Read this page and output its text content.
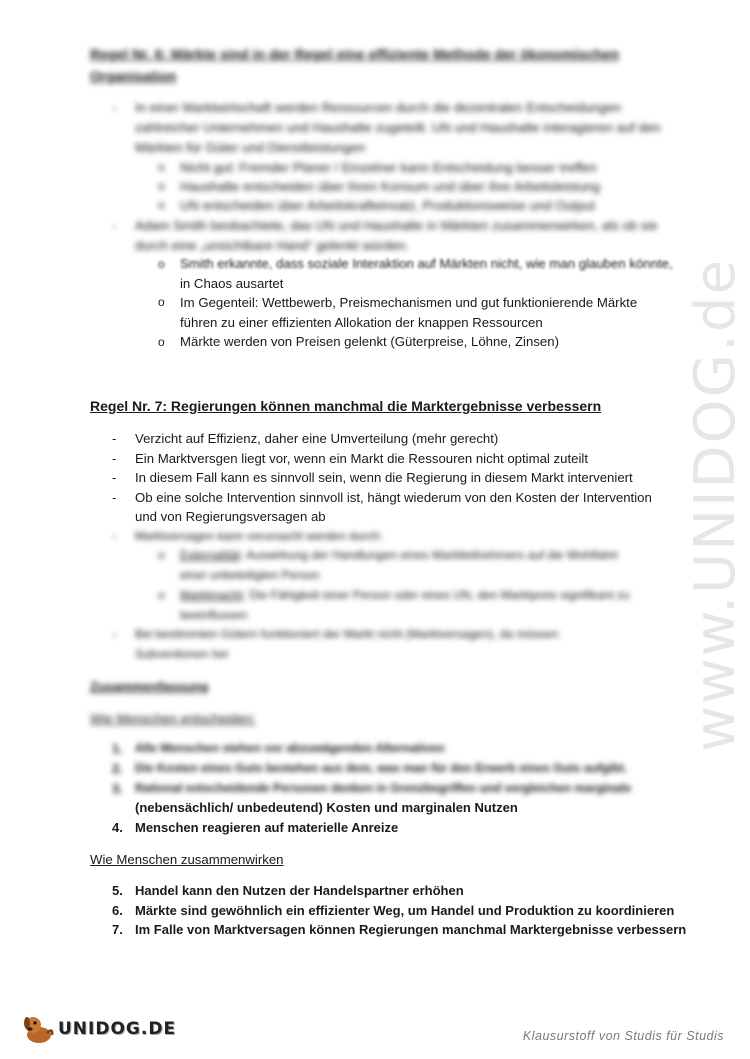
www.UNIDOG.de
Regel Nr. 6: Märkte sind in der Regel eine effiziente Methode der ökonomischen
Organisation
- In einer Marktwirtschaft werden Ressourcen durch die dezentralen Entscheidungen
zahlreicher Unternehmen und Haushalte zugeteilt. UN und Haushalte interagieren auf den
Märkten für Güter und Dienstleistungen
o Nicht gut: Fremder Planer / Einzelner kann Entscheidung besser treffen
o Haushalte entscheiden über ihren Konsum und über ihre Arbeitsleistung
o UN entscheiden über Arbeitskrafteinsatz, Produktionsweise und Output
- Adam Smith beobachtete, das UN und Haushalte in Märkten zusammenwirken, als ob sie
durch eine „unsichtbare Hand“ gelenkt würden.
o Smith erkannte, dass soziale Interaktion auf Märkten nicht, wie man glauben könnte,
in Chaos ausartet
o Im Gegenteil: Wettbewerb, Preismechanismen und gut funktionierende Märkte
führen zu einer effizienten Allokation der knappen Ressourcen
o Märkte werden von Preisen gelenkt (Güterpreise, Löhne, Zinsen)
Regel Nr. 7: Regierungen können manchmal die Marktergebnisse verbessern
- Verzicht auf Effizienz, daher eine Umverteilung (mehr gerecht)
- Ein Marktversgen liegt vor, wenn ein Markt die Ressouren nicht optimal zuteilt
- In diesem Fall kann es sinnvoll sein, wenn die Regierung in diesem Markt interveniert
- Ob eine solche Intervention sinnvoll ist, hängt wiederum von den Kosten der Intervention
und von Regierungsversagen ab
- Marktversagen kann verursacht werden durch:
o Externalität: Auswirkung der Handlungen eines Marktteilnehmers auf die Wohlfahrt
einer unbeteiligten Person
o Marktmacht: Die Fähigkeit einer Person oder eines UN, den Marktpreis signifikant zu
beeinflussen
- Bei bestimmten Gütern funktioniert der Markt nicht (Marktversagen), da müssen
Subventionen her
Zusammenfassung
Wie Menschen entscheiden:
1. Alle Menschen stehen vor abzuwägenden Alternativen
2. Die Kosten eines Guts bestehen aus dem, was man für den Erwerb eines Guts aufgibt.
3. Rational entscheidende Personen denken in Grenzbegriffen und vergleichen marginale
(nebensächlich/ unbedeutend) Kosten und marginalen Nutzen
4. Menschen reagieren auf materielle Anreize
Wie Menschen zusammenwirken
5. Handel kann den Nutzen der Handelspartner erhöhen
6. Märkte sind gewöhnlich ein effizienter Weg, um Handel und Produktion zu koordinieren
7. Im Falle von Marktversagen können Regierungen manchmal Marktergebnisse verbessern
UNIDOG.DE	Klausurstoff von Studis für Studis
